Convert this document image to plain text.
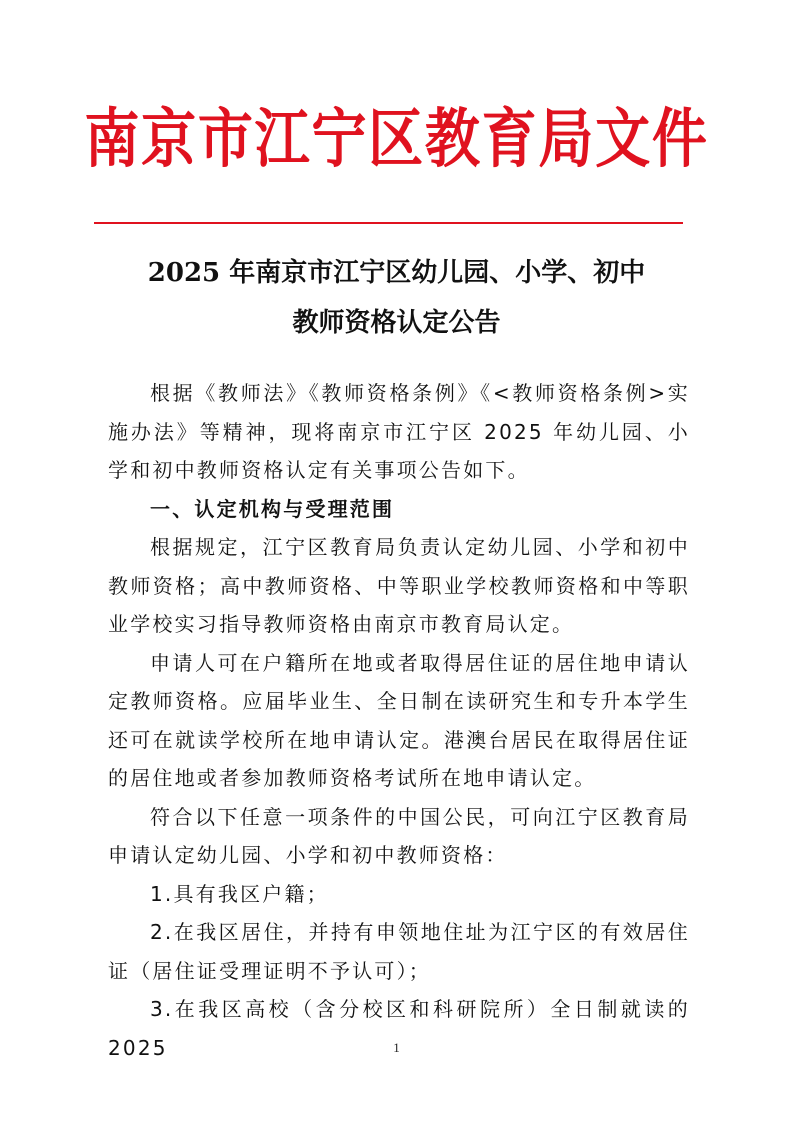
南京市江宁区教育局文件
2025 年南京市江宁区幼儿园、小学、初中
教师资格认定公告

根据《教师法》《教师资格条例》《<教师资格条例>实施办法》等精神，现将南京市江宁区 2025 年幼儿园、小学和初中教师资格认定有关事项公告如下。

一、认定机构与受理范围

根据规定，江宁区教育局负责认定幼儿园、小学和初中教师资格；高中教师资格、中等职业学校教师资格和中等职业学校实习指导教师资格由南京市教育局认定。

申请人可在户籍所在地或者取得居住证的居住地申请认定教师资格。应届毕业生、全日制在读研究生和专升本学生还可在就读学校所在地申请认定。港澳台居民在取得居住证的居住地或者参加教师资格考试所在地申请认定。

符合以下任意一项条件的中国公民，可向江宁区教育局申请认定幼儿园、小学和初中教师资格：

1.具有我区户籍；

2.在我区居住，并持有申领地住址为江宁区的有效居住证（居住证受理证明不予认可）；

3.在我区高校（含分校区和科研院所）全日制就读的 2025	1
